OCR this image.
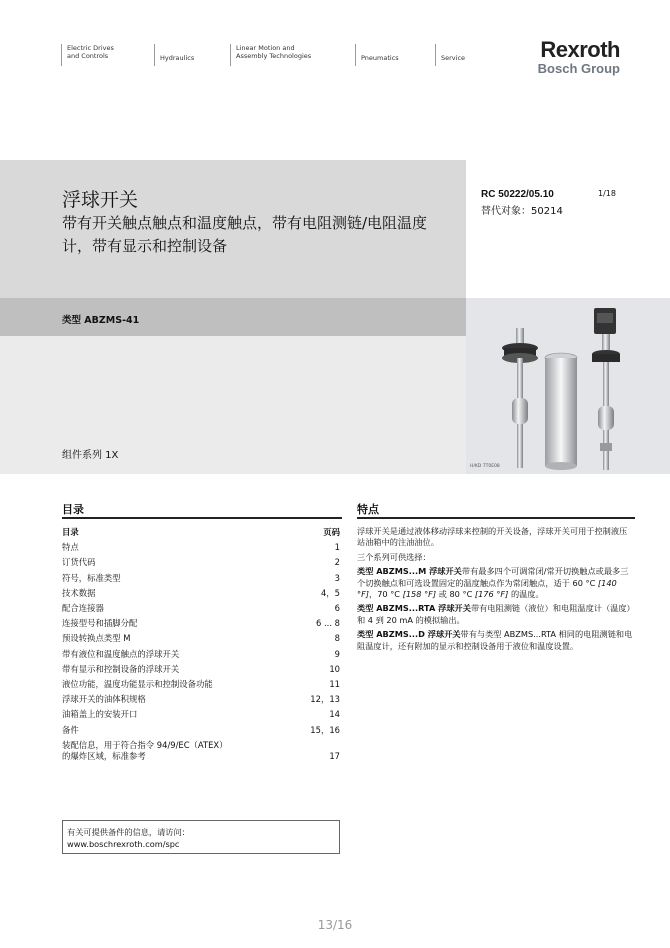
Electric Drives
and Controls	Hydraulics
Linear Motion and
Assembly Technologies	Pneumatics	Service	Rexroth
Bosch Group
浮球开关
带有开关触点触点和温度触点，带有电阻测链/电阻温度计，带有显示和控制设备
RC 50222/05.10
替代对象：50214
1/18
类型 ABZMS-41
组件系列 1X
H/KD 7T0E08
目录
目录	页码
特点	1
订货代码	2
符号，标准类型	3
技术数据	4，5
配合连接器	6
连接型号和插脚分配	6 ... 8
预设转换点类型 M	8
带有液位和温度触点的浮球开关	9
带有显示和控制设备的浮球开关	10
液位功能，温度功能显示和控制设备功能	11
浮球开关的油体积规格	12，13
油箱盖上的安装开口	14
备件	15，16
装配信息，用于符合指令 94/9/EC（ATEX）
的爆炸区域，标准参考	17
特点

浮球开关是通过液体移动浮球来控制的开关设备，浮球开关可用于控制液压站油箱中的注油油位。

三个系列可供选择：

类型 ABZMS...M 浮球开关带有最多四个可调常闭/常开切换触点或最多三个切换触点和可选设置固定的温度触点作为常闭触点，适于 60 °C [140 °F]，70 °C [158 °F] 或 80 °C [176 °F] 的温度。

类型 ABZMS...RTA 浮球开关带有电阻测链（液位）和电阻温度计（温度）和 4 到 20 mA 的模拟输出。

类型 ABZMS...D 浮球开关带有与类型 ABZMS...RTA 相同的电阻测链和电阻温度计，还有附加的显示和控制设备用于液位和温度设置。

有关可提供备件的信息，请访问：
www.boschrexroth.com/spc
13/16
